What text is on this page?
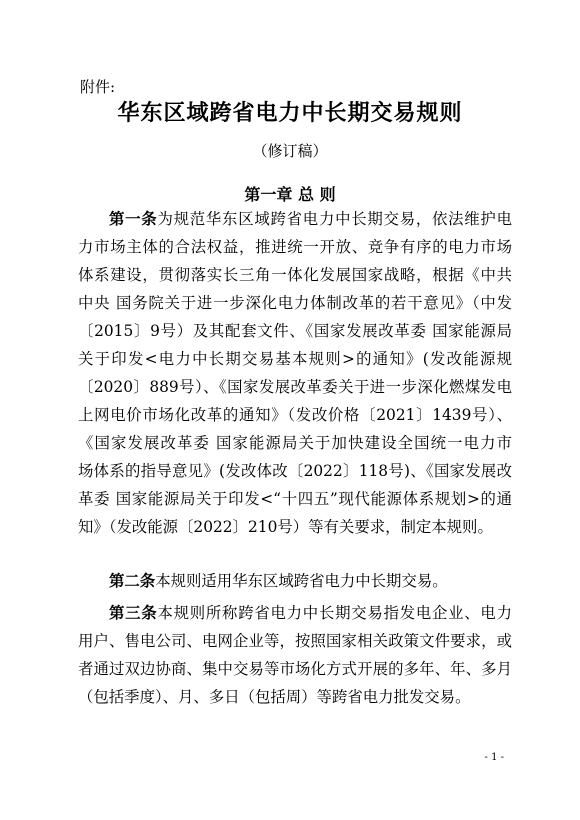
附件:
华东区域跨省电力中长期交易规则
（修订稿）
第一章 总 则
第一条为规范华东区域跨省电力中长期交易，依法维护电
力市场主体的合法权益，推进统一开放、竞争有序的电力市场
体系建设，贯彻落实长三角一体化发展国家战略，根据《中共
中央 国务院关于进一步深化电力体制改革的若干意见》（中发
〔2015〕9号）及其配套文件、《国家发展改革委 国家能源局
关于印发<电力中长期交易基本规则>的通知》(发改能源规
〔2020〕889号）、《国家发展改革委关于进一步深化燃煤发电
上网电价市场化改革的通知》（发改价格〔2021〕1439号）、
《国家发展改革委 国家能源局关于加快建设全国统一电力市
场体系的指导意见》(发改体改〔2022〕118号)、《国家发展改
革委 国家能源局关于印发<“十四五”现代能源体系规划>的通
知》（发改能源〔2022〕210号）等有关要求，制定本规则。
第二条本规则适用华东区域跨省电力中长期交易。
第三条本规则所称跨省电力中长期交易指发电企业、电力
用户、售电公司、电网企业等，按照国家相关政策文件要求，或
者通过双边协商、集中交易等市场化方式开展的多年、年、多月
（包括季度）、月、多日（包括周）等跨省电力批发交易。
- 1 -
